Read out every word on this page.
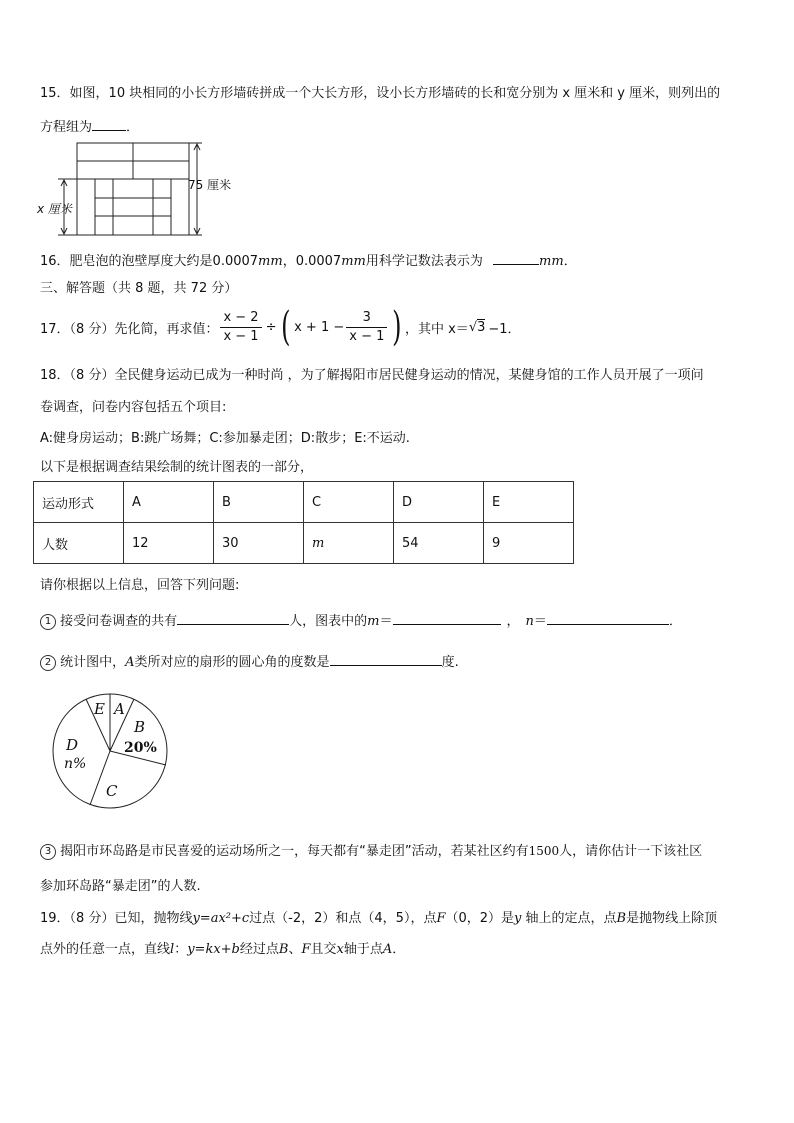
15．如图，10 块相同的小长方形墙砖拼成一个大长方形，设小长方形墙砖的长和宽分别为 x 厘米和 y 厘米，则列出的
方程组为	．
75 厘米
x 厘米
16．肥皂泡的泡壁厚度大约是0.0007mm，0.0007mm用科学记数法表示为	mm．
三、解答题（共 8 题，共 72 分）
17．（8 分）先化简，再求值： $\frac{x - 2}{x - 1}$ ÷ ( $x + 1 - \frac{3}{x - 1}$ ) ，其中 x＝ √ 3 −1．
18．（8 分）全民健身运动已成为一种时尚 ，为了解揭阳市居民健身运动的情况，某健身馆的工作人员开展了一项问
卷调查，问卷内容包括五个项目:
A:健身房运动；B:跳广场舞；C:参加暴走团；D:散步；E:不运动.
以下是根据调查结果绘制的统计图表的一部分，
运动形式	A	B	C	D	E
人数	12	30	m	54	9
请你根据以上信息，回答下列问题:
1 接受问卷调查的共有	人，图表中的m＝	， n＝	．
2 统计图中，A类所对应的扇形的圆心角的度数是	度.
E A
B
20%
D
n%
C
3 揭阳市环岛路是市民喜爱的运动场所之一，每天都有“暴走团”活动，若某社区约有1500人，请你估计一下该社区
参加环岛路“暴走团”的人数.
19．（8 分）已知，抛物线y=ax²+c过点（-2，2）和点（4，5），点F（0，2）是y 轴上的定点，点B是抛物线上除顶
点外的任意一点，直线l：y=kx+b经过点B、F且交x轴于点A．
